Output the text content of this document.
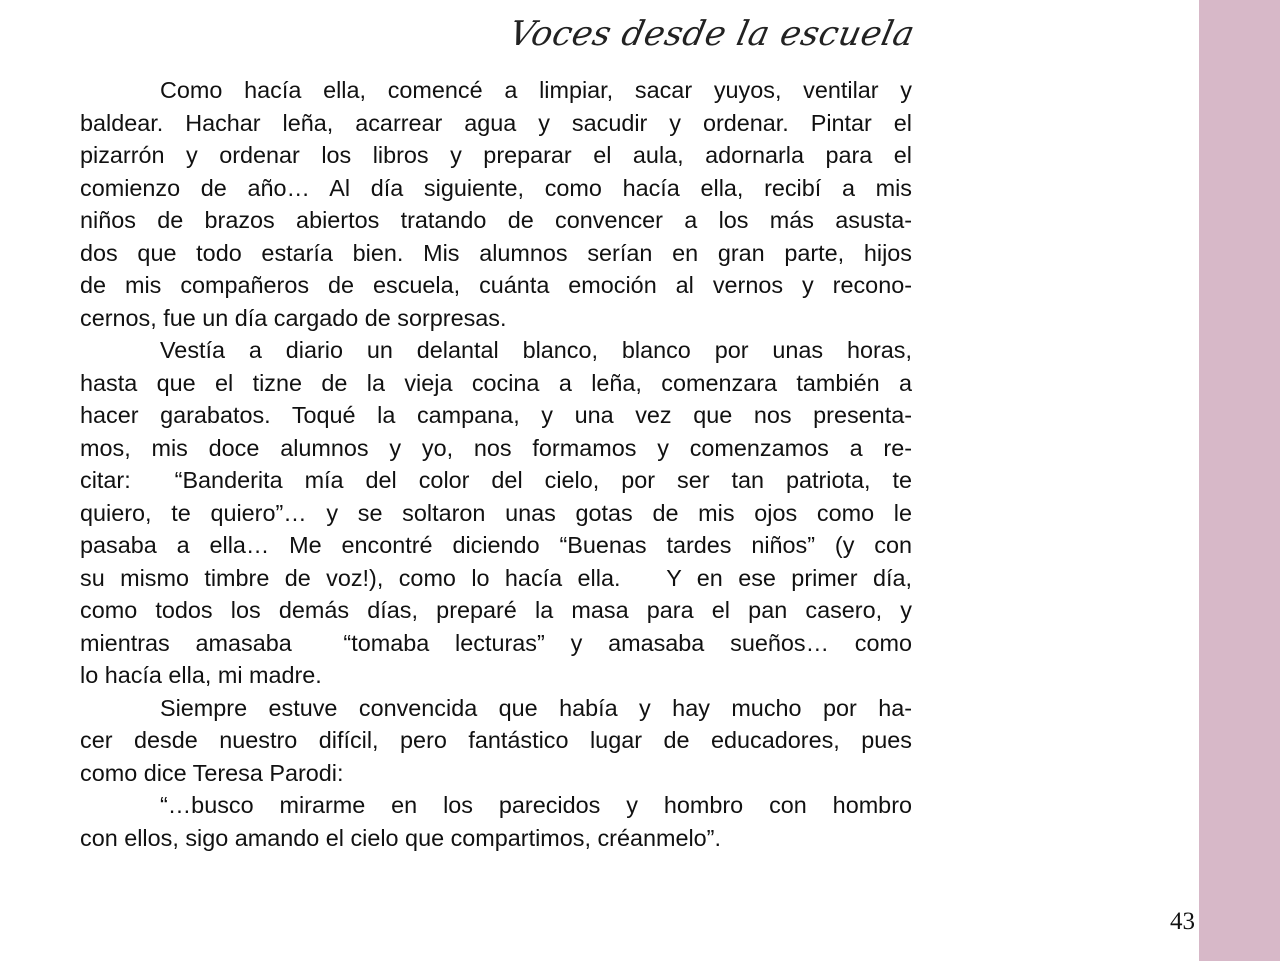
Voces desde la escuela
Como hacía ella, comencé a limpiar, sacar yuyos, ventilar y
baldear. Hachar leña, acarrear agua y sacudir y ordenar. Pintar el
pizarrón y ordenar los libros y preparar el aula, adornarla para el
comienzo de año… Al día siguiente, como hacía ella, recibí a mis
niños de brazos abiertos tratando de convencer a los más asusta-
dos que todo estaría bien. Mis alumnos serían en gran parte, hijos
de mis compañeros de escuela, cuánta emoción al vernos y recono-
cernos, fue un día cargado de sorpresas.
Vestía a diario un delantal blanco, blanco por unas horas,
hasta que el tizne de la vieja cocina a leña, comenzara también a
hacer garabatos. Toqué la campana, y una vez que nos presenta-
mos, mis doce alumnos y yo, nos formamos y comenzamos a re-
citar:  “Banderita mía del color del cielo, por ser tan patriota, te
quiero, te quiero”… y se soltaron unas gotas de mis ojos como le
pasaba a ella… Me encontré diciendo “Buenas tardes niños” (y con
su mismo timbre de voz!), como lo hacía ella.   Y en ese primer día,
como todos los demás días, preparé la masa para el pan casero, y
mientras amasaba  “tomaba lecturas” y amasaba sueños… como
lo hacía ella, mi madre.
Siempre estuve convencida que había y hay mucho por ha-
cer desde nuestro difícil, pero fantástico lugar de educadores, pues
como dice Teresa Parodi:
“…busco mirarme en los parecidos y hombro con hombro
con ellos, sigo amando el cielo que compartimos, créanmelo”.
43
